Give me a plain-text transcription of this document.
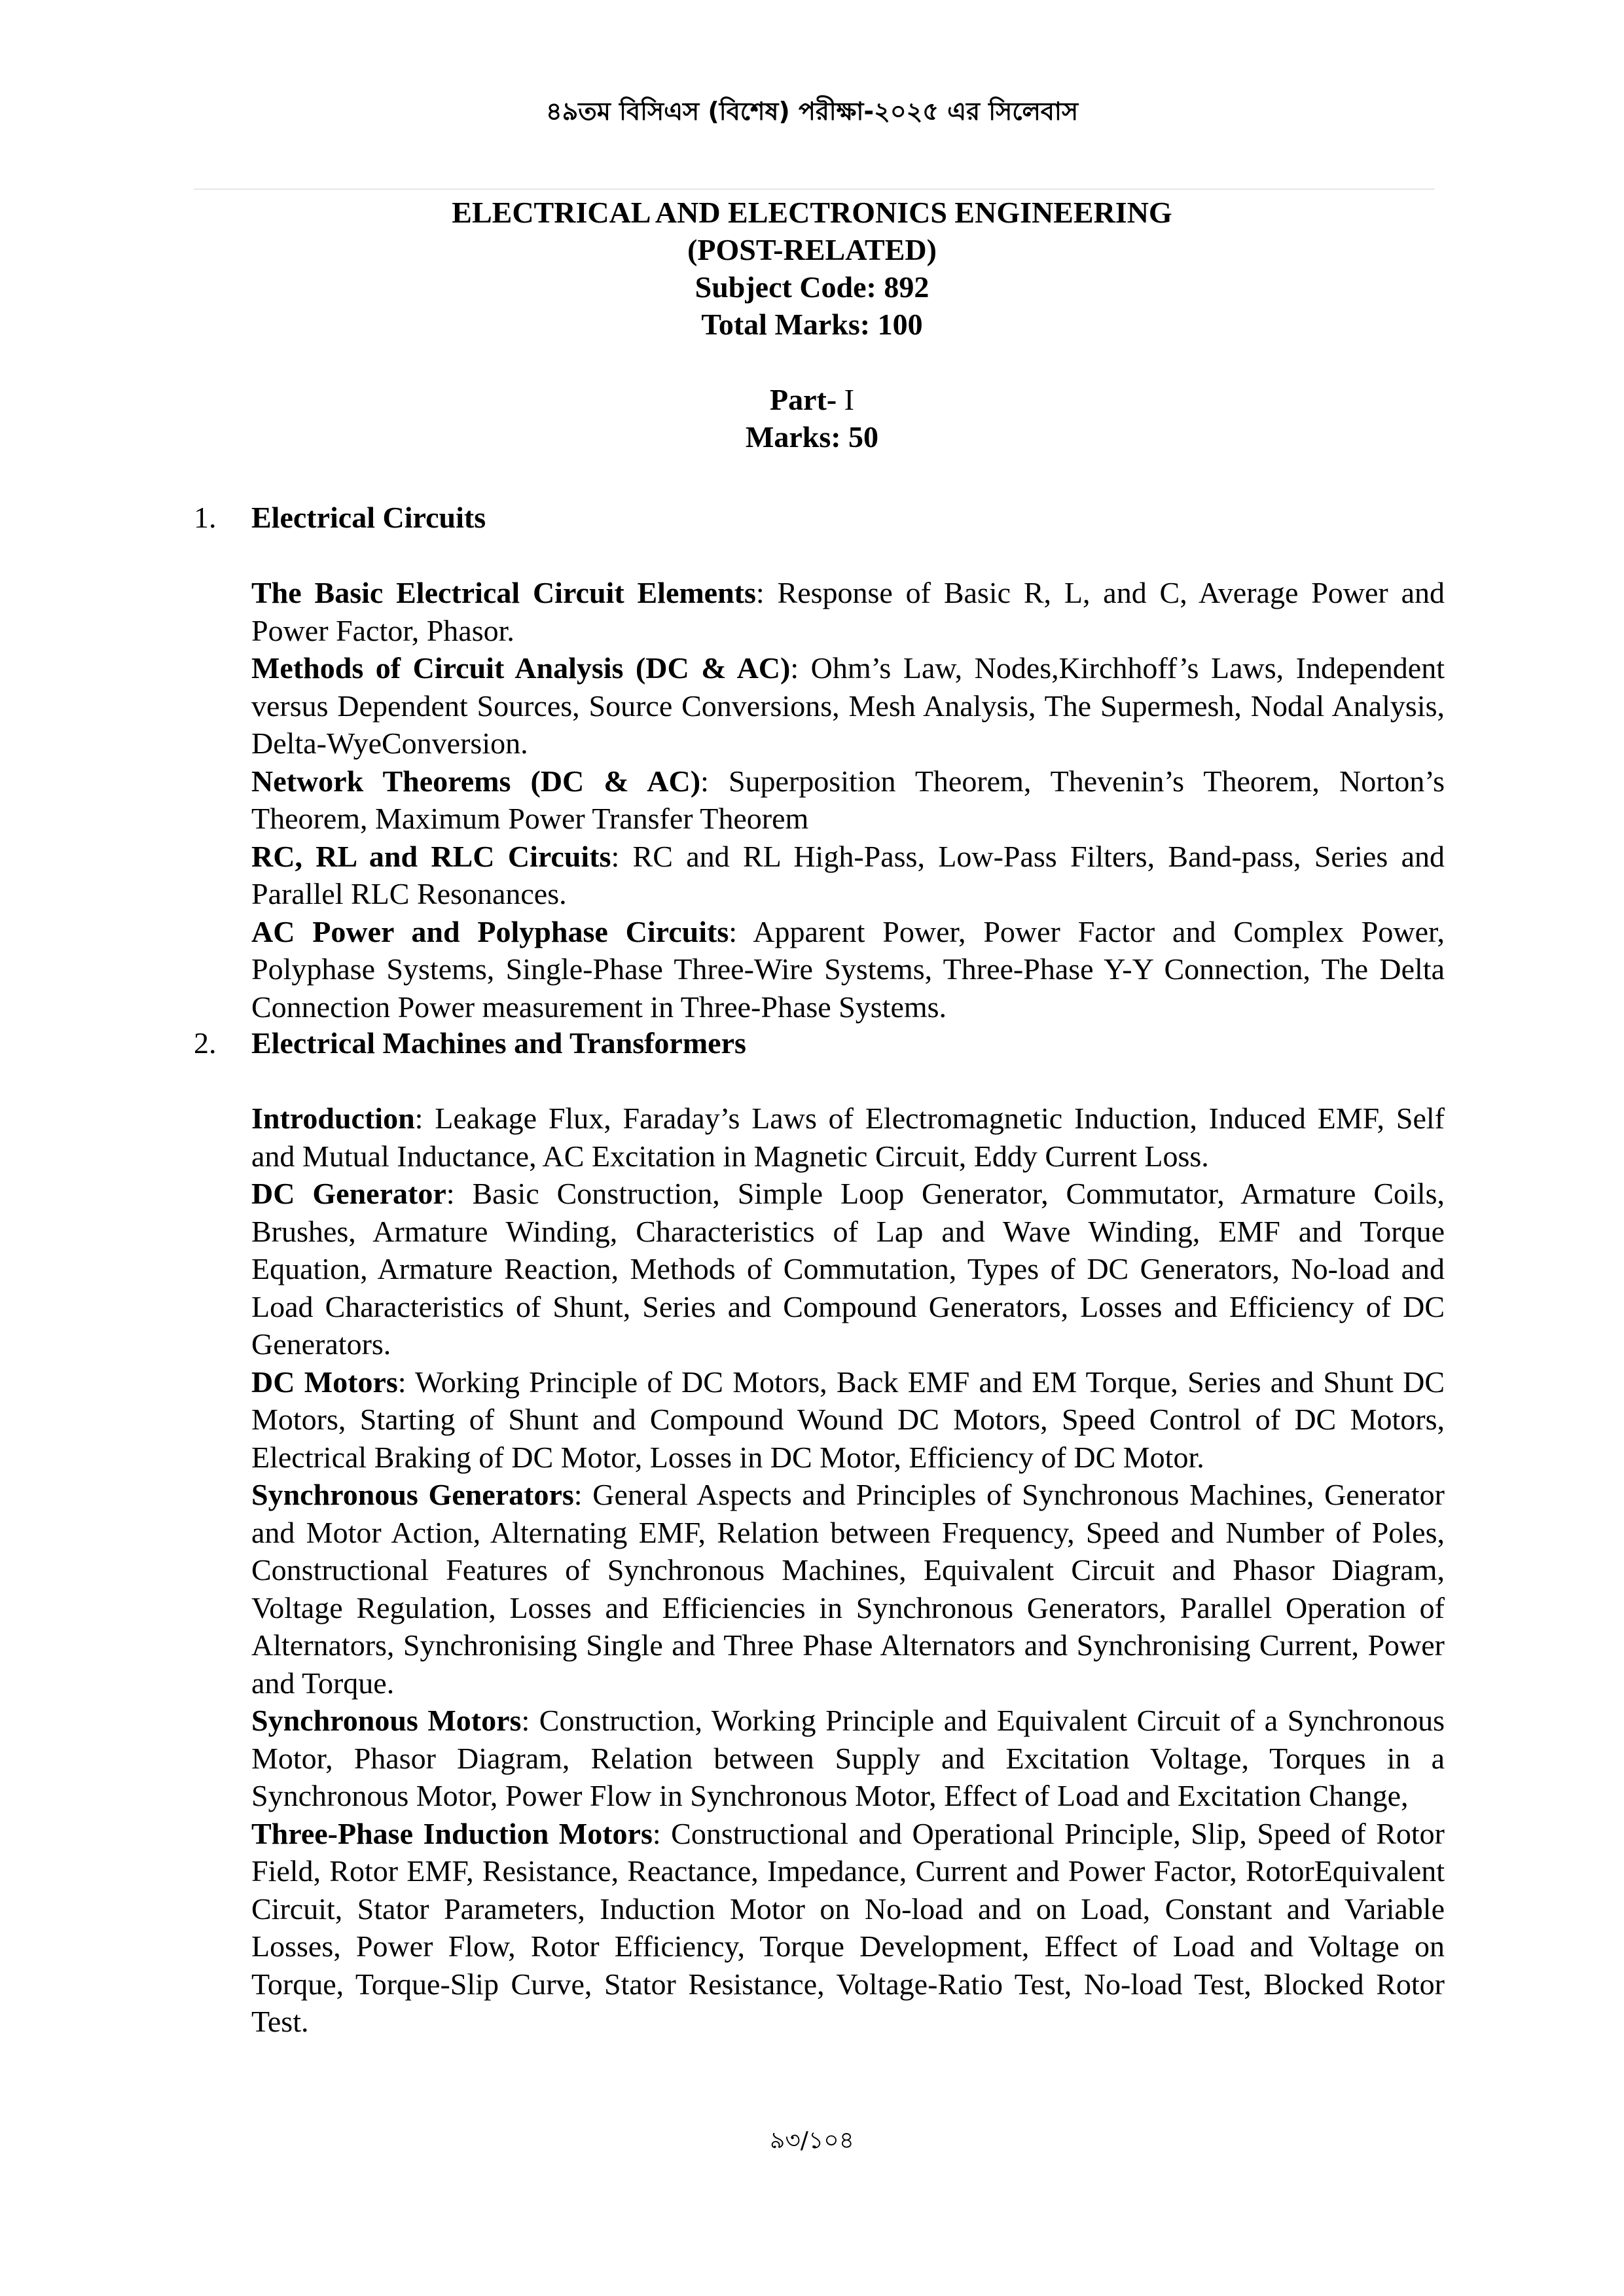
৪৯তম বিসিএস (বিশেষ) পরীক্ষা-২০২৫ এর সিলেবাস
ELECTRICAL AND ELECTRONICS ENGINEERING
(POST-RELATED)
Subject Code: 892
Total Marks: 100
Part- I
Marks: 50
1. Electrical Circuits

The Basic Electrical Circuit Elements: Response of Basic R, L, and C, Average Power and Power Factor, Phasor.

Methods of Circuit Analysis (DC & AC): Ohm’s Law, Nodes,Kirchhoff’s Laws, Independent versus Dependent Sources, Source Conversions, Mesh Analysis, The Supermesh, Nodal Analysis, Delta-WyeConversion.

Network Theorems (DC & AC): Superposition Theorem, Thevenin’s Theorem, Norton’s Theorem, Maximum Power Transfer Theorem

RC, RL and RLC Circuits: RC and RL High-Pass, Low-Pass Filters, Band-pass, Series and Parallel RLC Resonances.

AC Power and Polyphase Circuits: Apparent Power, Power Factor and Complex Power, Polyphase Systems, Single-Phase Three-Wire Systems, Three-Phase Y-Y Connection, The Delta Connection Power measurement in Three-Phase Systems.

2. Electrical Machines and Transformers

Introduction: Leakage Flux, Faraday’s Laws of Electromagnetic Induction, Induced EMF, Self and Mutual Inductance, AC Excitation in Magnetic Circuit, Eddy Current Loss.

DC Generator: Basic Construction, Simple Loop Generator, Commutator, Armature Coils, Brushes, Armature Winding, Characteristics of Lap and Wave Winding, EMF and Torque Equation, Armature Reaction, Methods of Commutation, Types of DC Generators, No-load and Load Characteristics of Shunt, Series and Compound Generators, Losses and Efficiency of DC Generators.

DC Motors: Working Principle of DC Motors, Back EMF and EM Torque, Series and Shunt DC Motors, Starting of Shunt and Compound Wound DC Motors, Speed Control of DC Motors, Electrical Braking of DC Motor, Losses in DC Motor, Efficiency of DC Motor.

Synchronous Generators: General Aspects and Principles of Synchronous Machines, Generator and Motor Action, Alternating EMF, Relation between Frequency, Speed and Number of Poles, Constructional Features of Synchronous Machines, Equivalent Circuit and Phasor Diagram, Voltage Regulation, Losses and Efficiencies in Synchronous Generators, Parallel Operation of Alternators, Synchronising Single and Three Phase Alternators and Synchronising Current, Power and Torque.

Synchronous Motors: Construction, Working Principle and Equivalent Circuit of a Synchronous Motor, Phasor Diagram, Relation between Supply and Excitation Voltage, Torques in a Synchronous Motor, Power Flow in Synchronous Motor, Effect of Load and Excitation Change,

Three-Phase Induction Motors: Constructional and Operational Principle, Slip, Speed of Rotor Field, Rotor EMF, Resistance, Reactance, Impedance, Current and Power Factor, RotorEquivalent Circuit, Stator Parameters, Induction Motor on No-load and on Load, Constant and Variable Losses, Power Flow, Rotor Efficiency, Torque Development, Effect of Load and Voltage on Torque, Torque-Slip Curve, Stator Resistance, Voltage-Ratio Test, No-load Test, Blocked Rotor Test.

৯৩/১০৪
